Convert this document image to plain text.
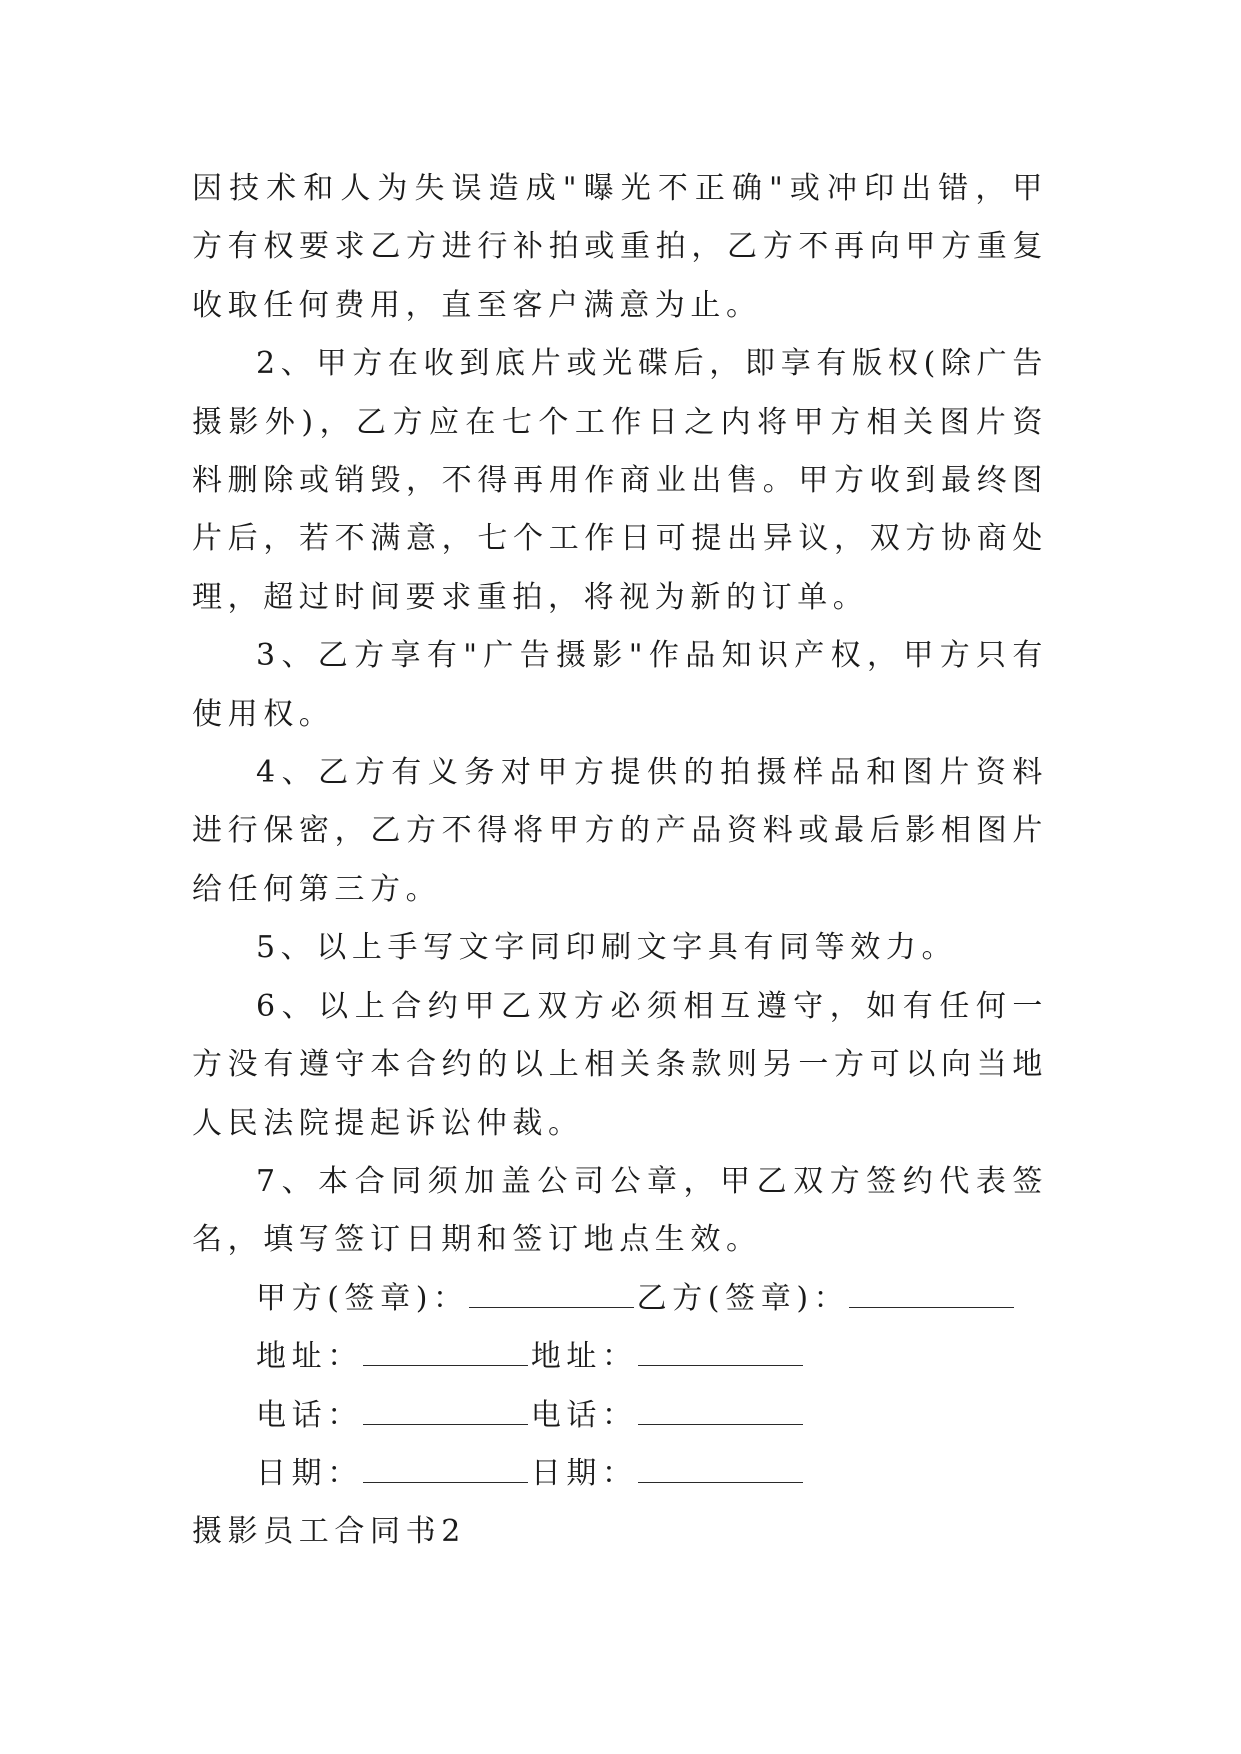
因技术和人为失误造成"曝光不正确"或冲印出错，甲方有权要求乙方进行补拍或重拍，乙方不再向甲方重复收取任何费用，直至客户满意为止。

2、甲方在收到底片或光碟后，即享有版权(除广告摄影外)，乙方应在七个工作日之内将甲方相关图片资料删除或销毁，不得再用作商业出售。甲方收到最终图片后，若不满意，七个工作日可提出异议，双方协商处理，超过时间要求重拍，将视为新的订单。

3、乙方享有"广告摄影"作品知识产权，甲方只有使用权。

4、乙方有义务对甲方提供的拍摄样品和图片资料进行保密，乙方不得将甲方的产品资料或最后影相图片给任何第三方。

5、以上手写文字同印刷文字具有同等效力。

6、以上合约甲乙双方必须相互遵守，如有任何一方没有遵守本合约的以上相关条款则另一方可以向当地人民法院提起诉讼仲裁。

7、本合同须加盖公司公章，甲乙双方签约代表签名，填写签订日期和签订地点生效。

甲方(签章)：	乙方(签章)：

地址：	地址：

电话：	电话：

日期：	日期：

摄影员工合同书2
